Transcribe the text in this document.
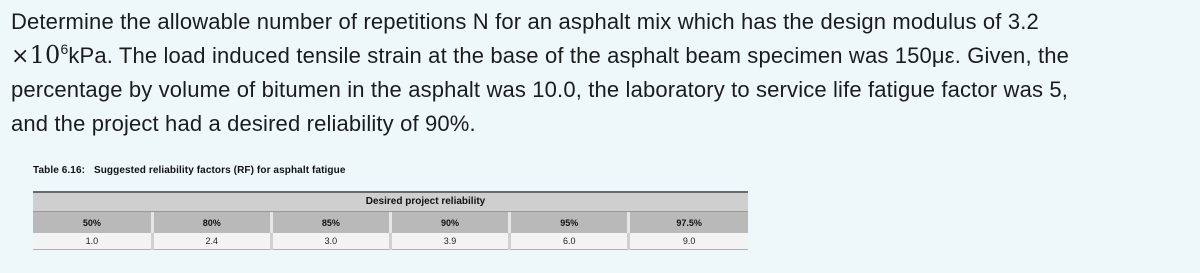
Determine the allowable number of repetitions N for an asphalt mix which has the design modulus of 3.2

$\times 10^6kPa$. The load induced tensile strain at the base of the asphalt beam specimen was 150με. Given, the

percentage by volume of bitumen in the asphalt was 10.0, the laboratory to service life fatigue factor was 5,

and the project had a desired reliability of 90%.

Table 6.16: Suggested reliability factors (RF) for asphalt fatigue
Desired project reliability
50%	80%	85%	90%	95%	97.5%
1.0	2.4	3.0	3.9	6.0	9.0
